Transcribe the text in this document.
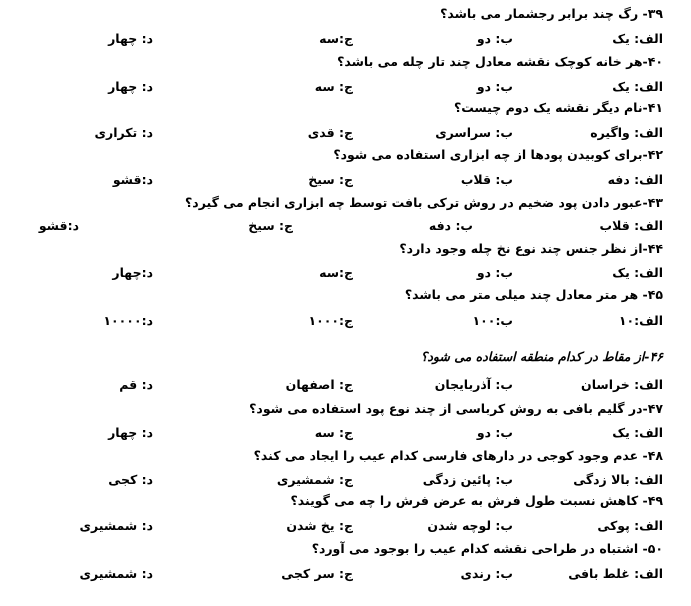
۳۹- رگ چند برابر رجشمار می باشد؟
الف: یک
ب: دو
ج:سه
د: چهار
۴۰-هر خانه کوچک نقشه معادل چند تار چله می باشد؟
الف: یک
ب: دو
ج: سه
د: چهار
۴۱-نام دیگر نقشه یک دوم چیست؟
الف: واگیره
ب: سراسری
ج: قدی
د: تکراری
۴۲-برای کوبیدن پودها از چه ابزاری استفاده می شود؟
الف: دفه
ب: قلاب
ج: سیخ
د:قشو
۴۳-عبور دادن پود ضخیم در روش ترکی بافت توسط چه ابزاری انجام می گیرد؟
الف: قلاب
ب: دفه
ج: سیخ
د:قشو
۴۴-از نظر جنس چند نوع نخ چله وجود دارد؟
الف: یک
ب: دو
ج:سه
د:چهار
۴۵- هر متر معادل چند میلی متر می باشد؟
الف:۱۰
ب:۱۰۰
ج:۱۰۰۰
د:۱۰۰۰۰
۴۶-از مقاط در کدام منطقه استفاده می شود؟
الف: خراسان
ب: آذربایجان
ج: اصفهان
د: قم
۴۷-در گلیم بافی به روش کرباسی از چند نوع پود استفاده می شود؟
الف: یک
ب: دو
ج: سه
د: چهار
۴۸- عدم وجود کوجی در دارهای فارسی کدام عیب را ایجاد می کند؟
الف: بالا زدگی
ب: پائین زدگی
ج: شمشیری
د: کجی
۴۹- کاهش نسبت طول فرش به عرض فرش را چه می گویند؟
الف: پوکی
ب: لوچه شدن
ج: یخ شدن
د: شمشیری
۵۰- اشتباه در طراحی نقشه کدام عیب را بوجود می آورد؟
الف: غلط بافی
ب: رندی
ج: سر کجی
د: شمشیری
